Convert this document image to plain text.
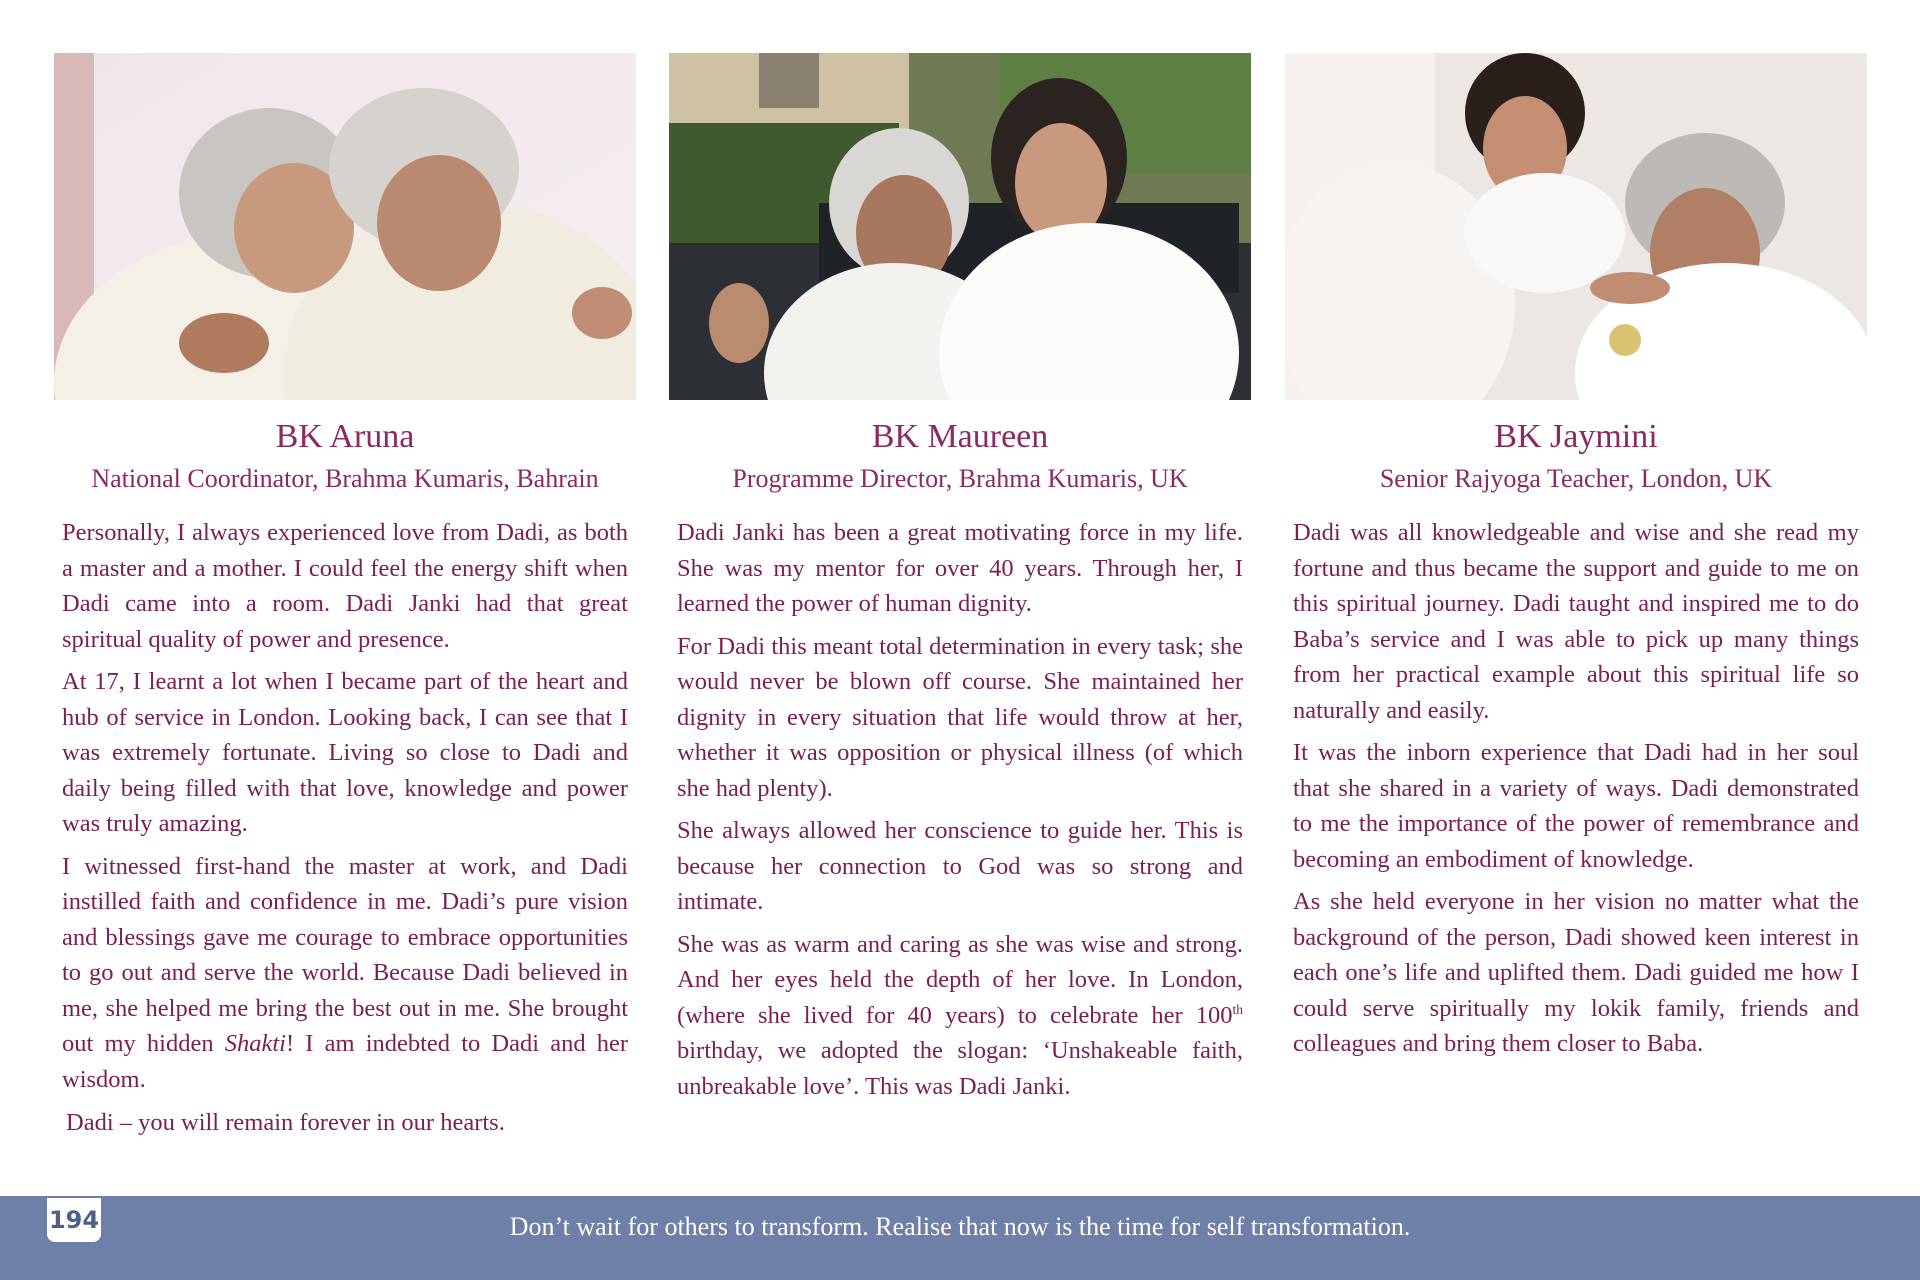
BK Aruna
National Coordinator, Brahma Kumaris, Bahrain

Personally, I always experienced love from Dadi, as both a master and a mother. I could feel the energy shift when Dadi came into a room. Dadi Janki had that great spiritual quality of power and presence.

At 17, I learnt a lot when I became part of the heart and hub of service in London. Looking back, I can see that I was extremely fortunate. Living so close to Dadi and daily being filled with that love, knowledge and power was truly amazing.

I witnessed first-hand the master at work, and Dadi instilled faith and confidence in me. Dadi’s pure vision and blessings gave me courage to embrace opportunities to go out and serve the world. Because Dadi believed in me, she helped me bring the best out in me. She brought out my hidden Shakti! I am indebted to Dadi and her wisdom.

Dadi – you will remain forever in our hearts.

BK Maureen
Programme Director, Brahma Kumaris, UK

Dadi Janki has been a great motivating force in my life. She was my mentor for over 40 years. Through her, I learned the power of human dignity.

For Dadi this meant total determination in every task; she would never be blown off course. She maintained her dignity in every situation that life would throw at her, whether it was opposition or physical illness (of which she had plenty).

She always allowed her conscience to guide her. This is because her connection to God was so strong and intimate.

She was as warm and caring as she was wise and strong. And her eyes held the depth of her love. In London, (where she lived for 40 years) to celebrate her 100th birthday, we adopted the slogan: ‘Unshakeable faith, unbreakable love’. This was Dadi Janki.

BK Jaymini
Senior Rajyoga Teacher, London, UK

Dadi was all knowledgeable and wise and she read my fortune and thus became the support and guide to me on this spiritual journey. Dadi taught and inspired me to do Baba’s service and I was able to pick up many things from her practical example about this spiritual life so naturally and easily.

It was the inborn experience that Dadi had in her soul that she shared in a variety of ways. Dadi demonstrated to me the importance of the power of remembrance and becoming an embodiment of knowledge.

As she held everyone in her vision no matter what the background of the person, Dadi showed keen interest in each one’s life and uplifted them. Dadi guided me how I could serve spiritually my lokik family, friends and colleagues and bring them closer to Baba.

194	Don’t wait for others to transform. Realise that now is the time for self transformation.
